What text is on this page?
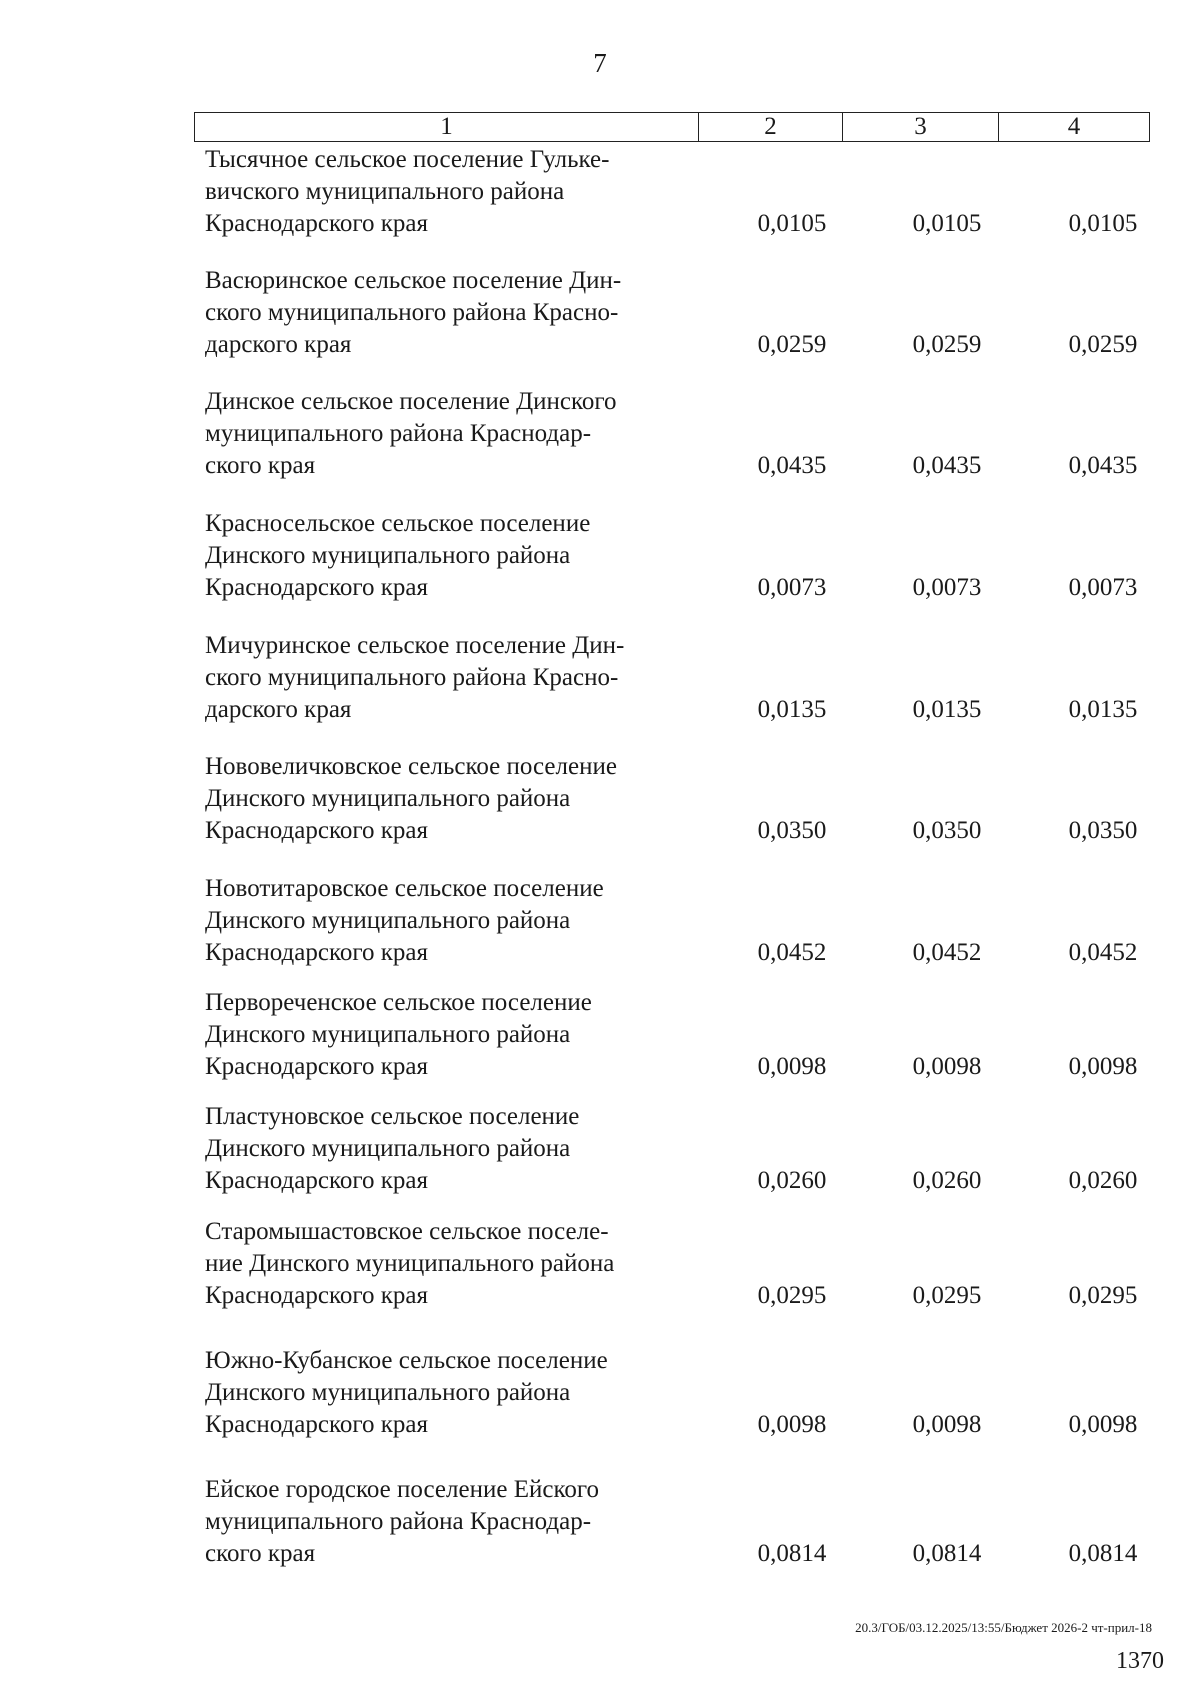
7
1	2	3	4
Тысячное сельское поселение Гульке-
вичского муниципального района
Краснодарского края	0,0105	0,0105	0,0105
Васюринское сельское поселение Дин-
ского муниципального района Красно-
дарского края	0,0259	0,0259	0,0259
Динское сельское поселение Динского
муниципального района Краснодар-
ского края	0,0435	0,0435	0,0435
Красносельское сельское поселение
Динского муниципального района
Краснодарского края	0,0073	0,0073	0,0073
Мичуринское сельское поселение Дин-
ского муниципального района Красно-
дарского края	0,0135	0,0135	0,0135
Нововеличковское сельское поселение
Динского муниципального района
Краснодарского края	0,0350	0,0350	0,0350
Новотитаровское сельское поселение
Динского муниципального района
Краснодарского края	0,0452	0,0452	0,0452
Первореченское сельское поселение
Динского муниципального района
Краснодарского края	0,0098	0,0098	0,0098
Пластуновское сельское поселение
Динского муниципального района
Краснодарского края	0,0260	0,0260	0,0260
Старомышастовское сельское поселе-
ние Динского муниципального района
Краснодарского края	0,0295	0,0295	0,0295
Южно-Кубанское сельское поселение
Динского муниципального района
Краснодарского края	0,0098	0,0098	0,0098
Ейское городское поселение Ейского
муниципального района Краснодар-
ского края	0,0814	0,0814	0,0814
20.3/ГОБ/03.12.2025/13:55/Бюджет 2026-2 чт-прил-18
1370
